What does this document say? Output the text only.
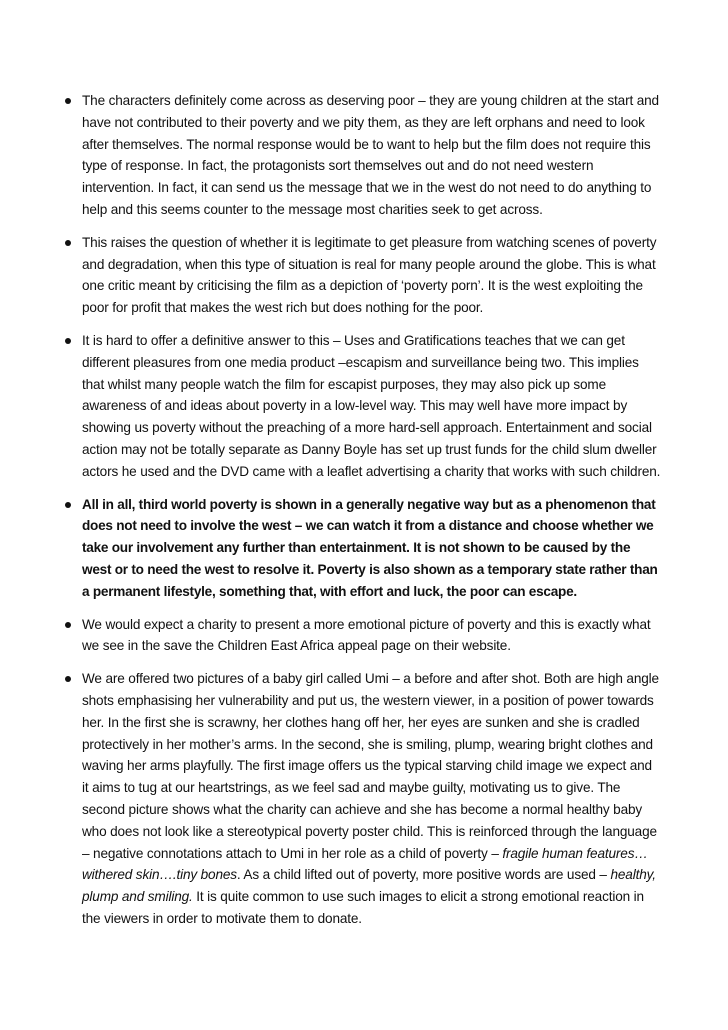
The characters definitely come across as deserving poor – they are young children at the start and have not contributed to their poverty and we pity them, as they are left orphans and need to look after themselves. The normal response would be to want to help but the film does not require this type of response. In fact, the protagonists sort themselves out and do not need western intervention. In fact, it can send us the message that we in the west do not need to do anything to help and this seems counter to the message most charities seek to get across.
This raises the question of whether it is legitimate to get pleasure from watching scenes of poverty and degradation, when this type of situation is real for many people around the globe. This is what one critic meant by criticising the film as a depiction of ‘poverty porn’. It is the west exploiting the poor for profit that makes the west rich but does nothing for the poor.
It is hard to offer a definitive answer to this – Uses and Gratifications teaches that we can get different pleasures from one media product –escapism and surveillance being two. This implies that whilst many people watch the film for escapist purposes, they may also pick up some awareness of and ideas about poverty in a low-level way. This may well have more impact by showing us poverty without the preaching of a more hard-sell approach. Entertainment and social action may not be totally separate as Danny Boyle has set up trust funds for the child slum dweller actors he used and the DVD came with a leaflet advertising a charity that works with such children.
All in all, third world poverty is shown in a generally negative way but as a phenomenon that does not need to involve the west – we can watch it from a distance and choose whether we take our involvement any further than entertainment. It is not shown to be caused by the west or to need the west to resolve it. Poverty is also shown as a temporary state rather than a permanent lifestyle, something that, with effort and luck, the poor can escape.
We would expect a charity to present a more emotional picture of poverty and this is exactly what we see in the save the Children East Africa appeal page on their website.
We are offered two pictures of a baby girl called Umi – a before and after shot. Both are high angle shots emphasising her vulnerability and put us, the western viewer, in a position of power towards her. In the first she is scrawny, her clothes hang off her, her eyes are sunken and she is cradled protectively in her mother’s arms. In the second, she is smiling, plump, wearing bright clothes and waving her arms playfully. The first image offers us the typical starving child image we expect and it aims to tug at our heartstrings, as we feel sad and maybe guilty, motivating us to give. The second picture shows what the charity can achieve and she has become a normal healthy baby who does not look like a stereotypical poverty poster child. This is reinforced through the language – negative connotations attach to Umi in her role as a child of poverty – fragile human features…withered skin….tiny bones. As a child lifted out of poverty, more positive words are used – healthy, plump and smiling. It is quite common to use such images to elicit a strong emotional reaction in the viewers in order to motivate them to donate.
